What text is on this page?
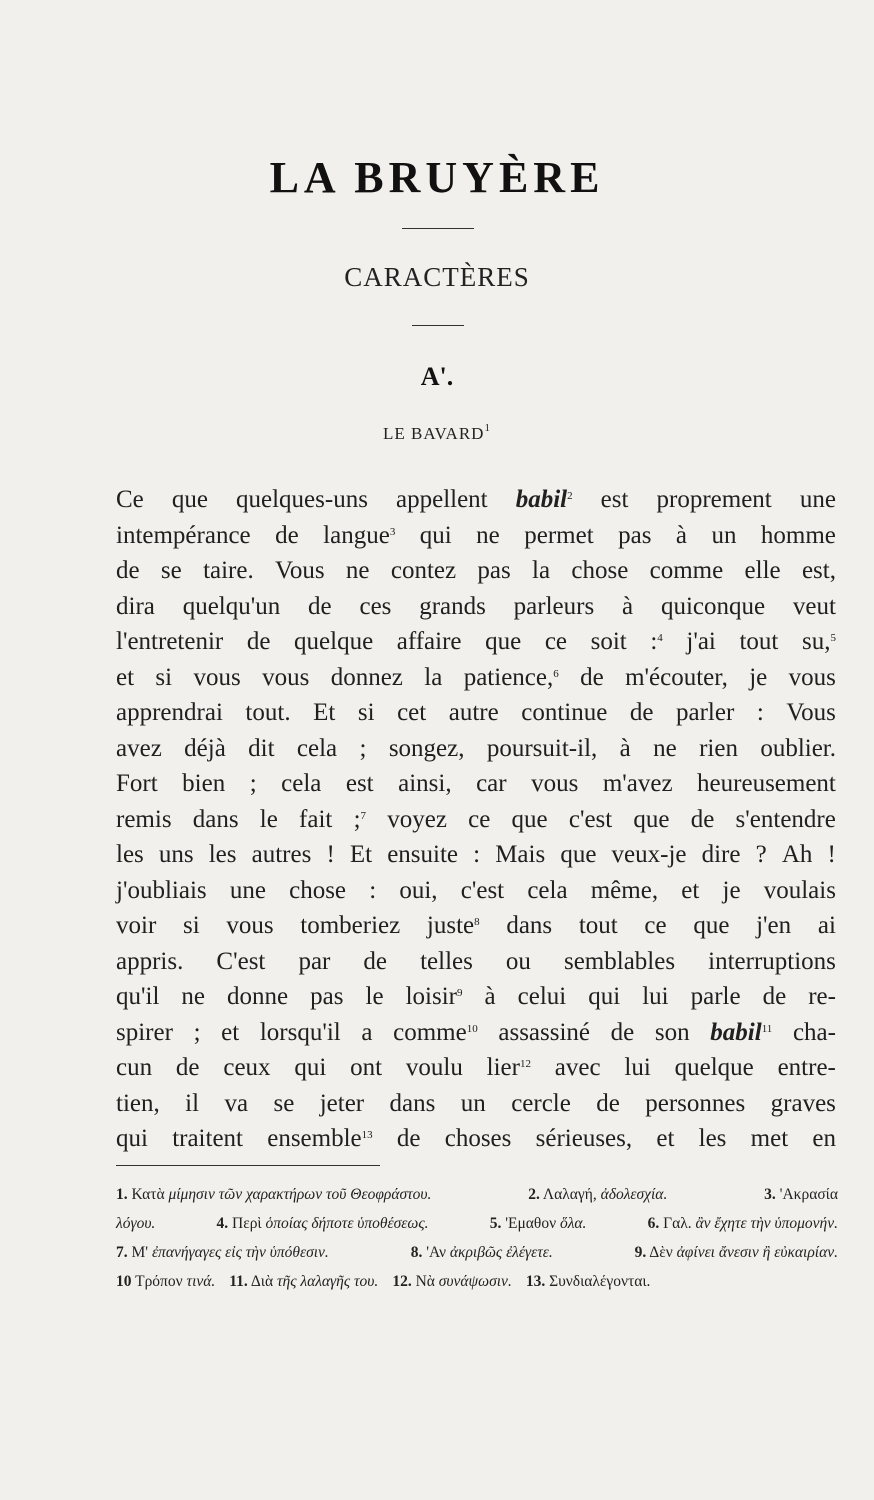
LA BRUYÈRE
CARACTÈRES
A'.
LE BAVARD$^1$
Ce que quelques-uns appellent babil$^2$ est proprement une
intempérance de langue$^3$ qui ne permet pas à un homme
de se taire. Vous ne contez pas la chose comme elle est,
dira quelqu'un de ces grands parleurs à quiconque veut
l'entretenir de quelque affaire que ce soit :$^4$ j'ai tout su,$^5$
et si vous vous donnez la patience,$^6$ de m'écouter, je vous
apprendrai tout. Et si cet autre continue de parler : Vous
avez déjà dit cela ; songez, poursuit-il, à ne rien oublier.
Fort bien ; cela est ainsi, car vous m'avez heureusement
remis dans le fait ;$^7$ voyez ce que c'est que de s'entendre
les uns les autres ! Et ensuite : Mais que veux-je dire ? Ah !
j'oubliais une chose : oui, c'est cela même, et je voulais
voir si vous tomberiez juste$^8$ dans tout ce que j'en ai
appris. C'est par de telles ou semblables interruptions
qu'il ne donne pas le loisir$^9$ à celui qui lui parle de re-
spirer ; et lorsqu'il a comme$^{10}$ assassiné de son babil$^{11}$ cha-
cun de ceux qui ont voulu lier$^{12}$ avec lui quelque entre-
tien, il va se jeter dans un cercle de personnes graves
qui traitent ensemble$^{13}$ de choses sérieuses, et les met en
1. Κατὰ μίμησιν τῶν χαρακτήρων τοῦ Θεοφράστου.	2. Λαλαγή, ἀδολεσχία.	3. 'Ακρασία
λόγου.	4. Περὶ ὁποίας δήποτε ὑποθέσεως.	5. 'Εμαθον ὅλα.	6. Γαλ. ἂν ἔχητε τὴν ὑπομονήν.
7. Μ' ἐπανήγαγες εἰς τὴν ὑπόθεσιν.	8. 'Αν ἀκριβῶς ἐλέγετε.	9. Δὲν ἀφίνει ἄνεσιν ἢ εὐκαιρίαν.
10 Τρόπον τινά. 11. Διὰ τῆς λαλαγῆς του. 12. Νὰ συνάψωσιν. 13. Συνδιαλέγονται.
